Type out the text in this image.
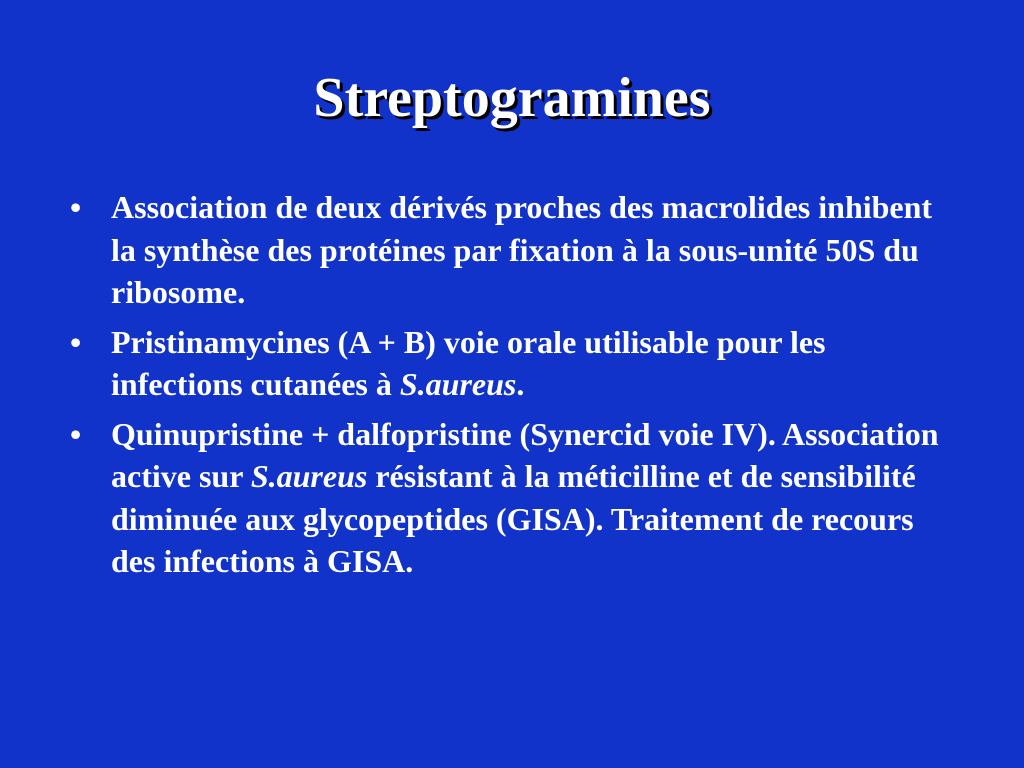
Streptogramines
• Association de deux dérivés proches des macrolides inhibent la synthèse des protéines par fixation à la sous-unité 50S du ribosome.
• Pristinamycines (A + B) voie orale utilisable pour les infections cutanées à S.aureus.
• Quinupristine + dalfopristine (Synercid voie IV). Association active sur S.aureus résistant à la méticilline et de sensibilité diminuée aux glycopeptides (GISA). Traitement de recours des infections à GISA.
